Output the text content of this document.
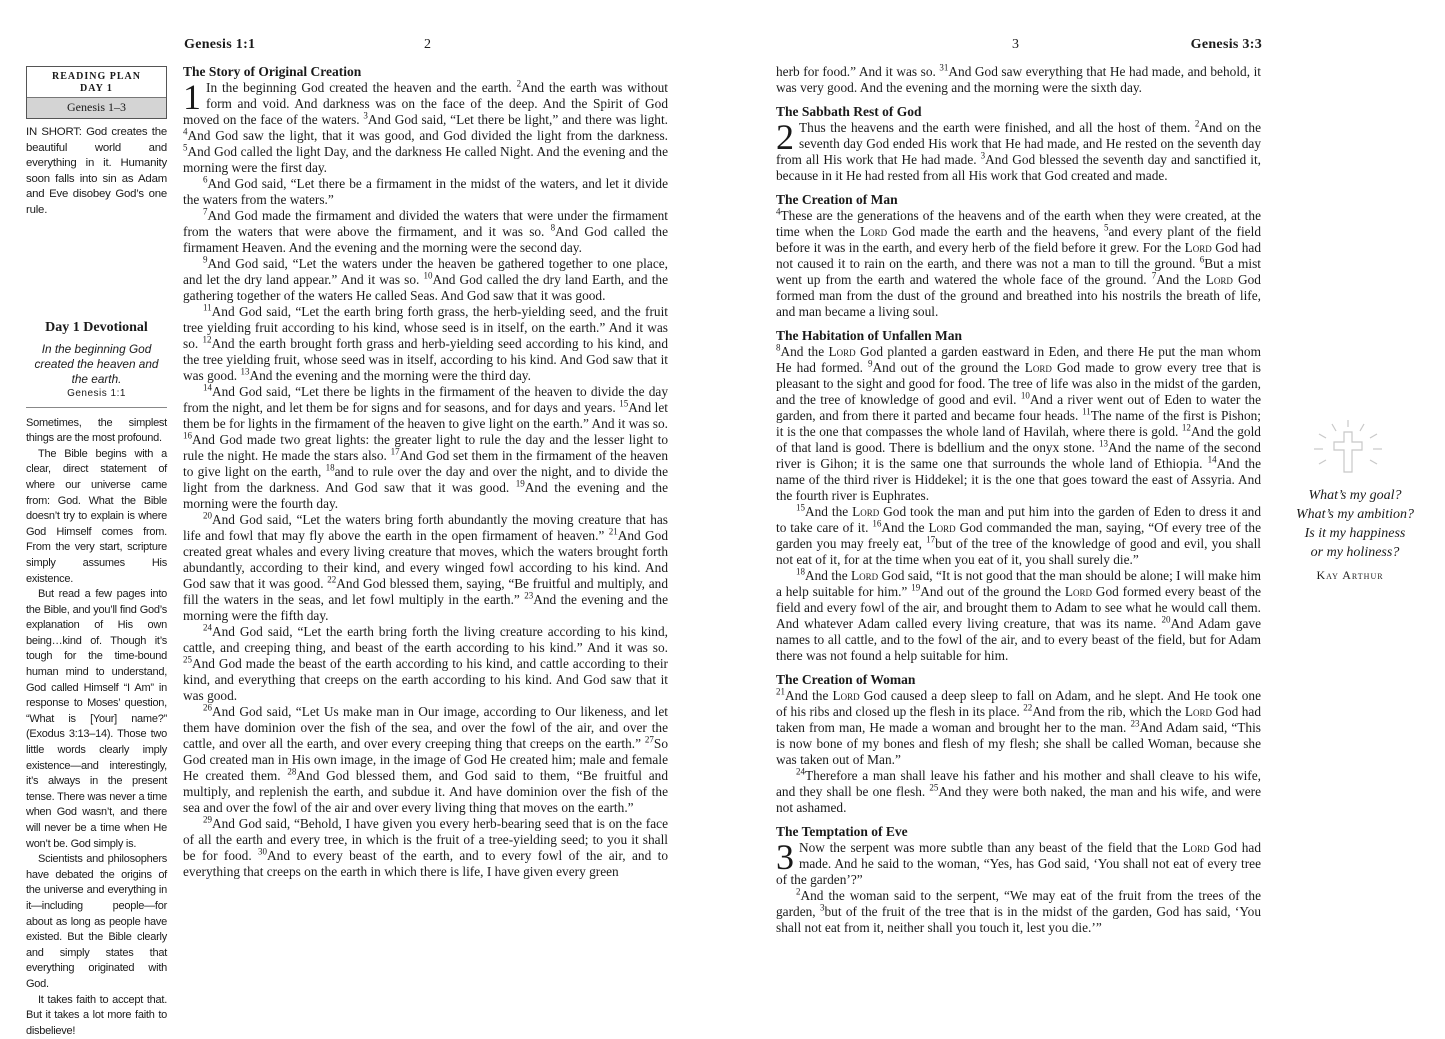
Genesis 1:1	2	3	Genesis 3:3
READING PLAN
DAY 1
Genesis 1–3
IN SHORT: God creates the beautiful world and everything in it. Humanity soon falls into sin as Adam and Eve disobey God’s one rule.
Day 1 Devotional
In the beginning God created the heaven and the earth.
Genesis 1:1

Sometimes, the simplest things are the most profound.

The Bible begins with a clear, direct statement of where our universe came from: God. What the Bible doesn’t try to explain is where God Himself comes from. From the very start, scripture simply assumes His existence.

But read a few pages into the Bible, and you’ll find God’s explanation of His own being…kind of. Though it’s tough for the time-bound human mind to understand, God called Himself “I Am” in response to Moses’ question, “What is [Your] name?” (Exodus 3:13–14). Those two little words clearly imply existence—and interestingly, it’s always in the present tense. There was never a time when God wasn’t, and there will never be a time when He won’t be. God simply is.

Scientists and philosophers have debated the origins of the universe and everything in it—including people—for about as long as people have existed. But the Bible clearly and simply states that everything originated with God.

It takes faith to accept that. But it takes a lot more faith to disbelieve!

The Story of Original Creation

1 In the beginning God created the heaven and the earth. $^2$And the earth was without form and void. And darkness was on the face of the deep. And the Spirit of God moved on the face of the waters. $^3$And God said, “Let there be light,” and there was light. $^4$And God saw the light, that it was good, and God divided the light from the darkness. $^5$And God called the light Day, and the darkness He called Night. And the evening and the morning were the first day.

$^6$And God said, “Let there be a firmament in the midst of the waters, and let it divide the waters from the waters.”

$^7$And God made the firmament and divided the waters that were under the firmament from the waters that were above the firmament, and it was so. $^8$And God called the firmament Heaven. And the evening and the morning were the second day.

$^9$And God said, “Let the waters under the heaven be gathered together to one place, and let the dry land appear.” And it was so. $^{10}$And God called the dry land Earth, and the gathering together of the waters He called Seas. And God saw that it was good.

$^{11}$And God said, “Let the earth bring forth grass, the herb-yielding seed, and the fruit tree yielding fruit according to his kind, whose seed is in itself, on the earth.” And it was so. $^{12}$And the earth brought forth grass and herb-yielding seed according to his kind, and the tree yielding fruit, whose seed was in itself, according to his kind. And God saw that it was good. $^{13}$And the evening and the morning were the third day.

$^{14}$And God said, “Let there be lights in the firmament of the heaven to divide the day from the night, and let them be for signs and for seasons, and for days and years. $^{15}$And let them be for lights in the firmament of the heaven to give light on the earth.” And it was so. $^{16}$And God made two great lights: the greater light to rule the day and the lesser light to rule the night. He made the stars also. $^{17}$And God set them in the firmament of the heaven to give light on the earth, $^{18}$and to rule over the day and over the night, and to divide the light from the darkness. And God saw that it was good. $^{19}$And the evening and the morning were the fourth day.

$^{20}$And God said, “Let the waters bring forth abundantly the moving creature that has life and fowl that may fly above the earth in the open firmament of heaven.” $^{21}$And God created great whales and every living creature that moves, which the waters brought forth abundantly, according to their kind, and every winged fowl according to his kind. And God saw that it was good. $^{22}$And God blessed them, saying, “Be fruitful and multiply, and fill the waters in the seas, and let fowl multiply in the earth.” $^{23}$And the evening and the morning were the fifth day.

$^{24}$And God said, “Let the earth bring forth the living creature according to his kind, cattle, and creeping thing, and beast of the earth according to his kind.” And it was so. $^{25}$And God made the beast of the earth according to his kind, and cattle according to their kind, and everything that creeps on the earth according to his kind. And God saw that it was good.

$^{26}$And God said, “Let Us make man in Our image, according to Our likeness, and let them have dominion over the fish of the sea, and over the fowl of the air, and over the cattle, and over all the earth, and over every creeping thing that creeps on the earth.” $^{27}$So God created man in His own image, in the image of God He created him; male and female He created them. $^{28}$And God blessed them, and God said to them, “Be fruitful and multiply, and replenish the earth, and subdue it. And have dominion over the fish of the sea and over the fowl of the air and over every living thing that moves on the earth.”

$^{29}$And God said, “Behold, I have given you every herb-bearing seed that is on the face of all the earth and every tree, in which is the fruit of a tree-yielding seed; to you it shall be for food. $^{30}$And to every beast of the earth, and to every fowl of the air, and to everything that creeps on the earth in which there is life, I have given every green

herb for food.” And it was so. $^{31}$And God saw everything that He had made, and behold, it was very good. And the evening and the morning were the sixth day.

The Sabbath Rest of God

2 Thus the heavens and the earth were finished, and all the host of them. $^2$And on the seventh day God ended His work that He had made, and He rested on the seventh day from all His work that He had made. $^3$And God blessed the seventh day and sanctified it, because in it He had rested from all His work that God created and made.

The Creation of Man

$^4$These are the generations of the heavens and of the earth when they were created, at the time when the Lord God made the earth and the heavens, $^5$and every plant of the field before it was in the earth, and every herb of the field before it grew. For the Lord God had not caused it to rain on the earth, and there was not a man to till the ground. $^6$But a mist went up from the earth and watered the whole face of the ground. $^7$And the Lord God formed man from the dust of the ground and breathed into his nostrils the breath of life, and man became a living soul.

The Habitation of Unfallen Man

$^8$And the Lord God planted a garden eastward in Eden, and there He put the man whom He had formed. $^9$And out of the ground the Lord God made to grow every tree that is pleasant to the sight and good for food. The tree of life was also in the midst of the garden, and the tree of knowledge of good and evil. $^{10}$And a river went out of Eden to water the garden, and from there it parted and became four heads. $^{11}$The name of the first is Pishon; it is the one that compasses the whole land of Havilah, where there is gold. $^{12}$And the gold of that land is good. There is bdellium and the onyx stone. $^{13}$And the name of the second river is Gihon; it is the same one that surrounds the whole land of Ethiopia. $^{14}$And the name of the third river is Hiddekel; it is the one that goes toward the east of Assyria. And the fourth river is Euphrates.

$^{15}$And the Lord God took the man and put him into the garden of Eden to dress it and to take care of it. $^{16}$And the Lord God commanded the man, saying, “Of every tree of the garden you may freely eat, $^{17}$but of the tree of the knowledge of good and evil, you shall not eat of it, for at the time when you eat of it, you shall surely die.”

$^{18}$And the Lord God said, “It is not good that the man should be alone; I will make him a help suitable for him.” $^{19}$And out of the ground the Lord God formed every beast of the field and every fowl of the air, and brought them to Adam to see what he would call them. And whatever Adam called every living creature, that was its name. $^{20}$And Adam gave names to all cattle, and to the fowl of the air, and to every beast of the field, but for Adam there was not found a help suitable for him.

The Creation of Woman

$^{21}$And the Lord God caused a deep sleep to fall on Adam, and he slept. And He took one of his ribs and closed up the flesh in its place. $^{22}$And from the rib, which the Lord God had taken from man, He made a woman and brought her to the man. $^{23}$And Adam said, “This is now bone of my bones and flesh of my flesh; she shall be called Woman, because she was taken out of Man.”

$^{24}$Therefore a man shall leave his father and his mother and shall cleave to his wife, and they shall be one flesh. $^{25}$And they were both naked, the man and his wife, and were not ashamed.

The Temptation of Eve

3 Now the serpent was more subtle than any beast of the field that the Lord God had made. And he said to the woman, “Yes, has God said, ‘You shall not eat of every tree of the garden’?”

$^2$And the woman said to the serpent, “We may eat of the fruit from the trees of the garden, $^3$but of the fruit of the tree that is in the midst of the garden, God has said, ‘You shall not eat from it, neither shall you touch it, lest you die.’”

What’s my goal?
What’s my ambition?
Is it my happiness
or my holiness?
Kay Arthur
